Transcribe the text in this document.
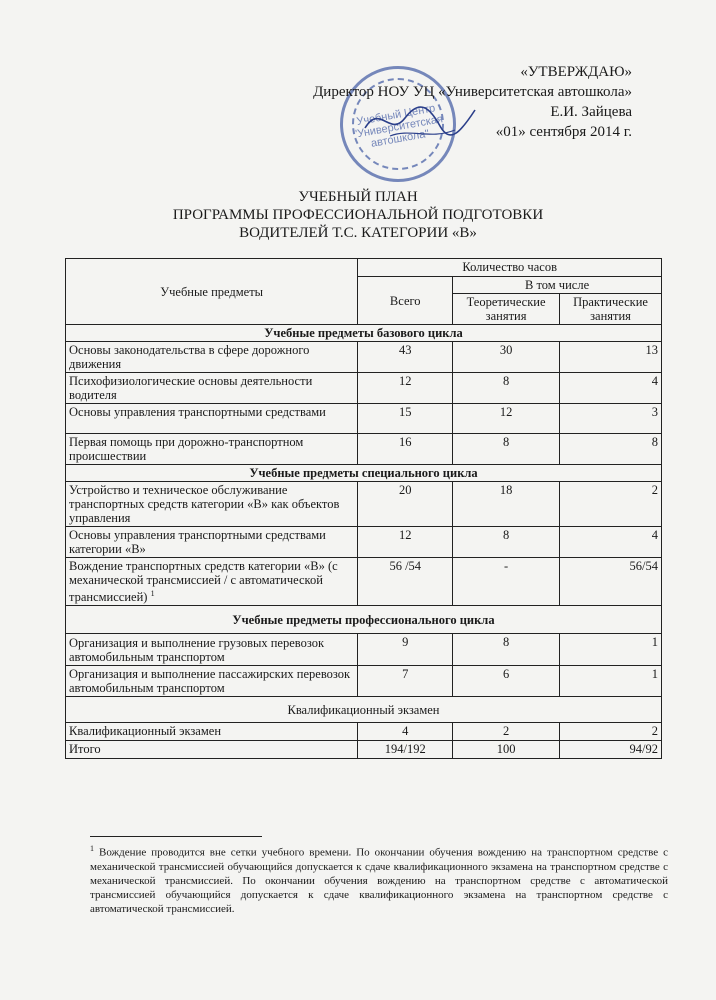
Учебный Центр "Университетская автошкола"
«УТВЕРЖДАЮ»
Директор НОУ УЦ «Университетская автошкола»
Е.И. Зайцева
«01» сентября 2014 г.
УЧЕБНЫЙ ПЛАН
ПРОГРАММЫ ПРОФЕССИОНАЛЬНОЙ ПОДГОТОВКИ
ВОДИТЕЛЕЙ Т.С. КАТЕГОРИИ «В»
Учебные предметы	Количество часов		
	Всего	В том числе	
		Теоретические занятия	Практические занятия
Учебные предметы базового цикла			
Основы законодательства в сфере дорожного движения	43	30	13
Психофизиологические основы деятельности водителя	12	8	4
Основы управления транспортными средствами	15	12	3
Первая помощь при дорожно-транспортном происшествии	16	8	8
Учебные предметы специального цикла			
Устройство и техническое обслуживание транспортных средств категории «В» как объектов управления	20	18	2
Основы управления транспортными средствами категории «В»	12	8	4
Вождение транспортных средств категории «В» (с механической трансмиссией / с автоматической трансмиссией) $^1$	56 /54	-	56/54
Учебные предметы профессионального цикла			
Организация и выполнение грузовых перевозок автомобильным транспортом	9	8	1
Организация и выполнение пассажирских перевозок автомобильным транспортом	7	6	1
Квалификационный экзамен			
Квалификационный экзамен	4	2	2
Итого	194/192	100	94/92
$^1$ Вождение проводится вне сетки учебного времени. По окончании обучения вождению на транспортном средстве с механической трансмиссией обучающийся допускается к сдаче квалификационного экзамена на транспортном средстве с механической трансмиссией. По окончании обучения вождению на транспортном средстве с автоматической трансмиссией обучающийся допускается к сдаче квалификационного экзамена на транспортном средстве с автоматической трансмиссией.
